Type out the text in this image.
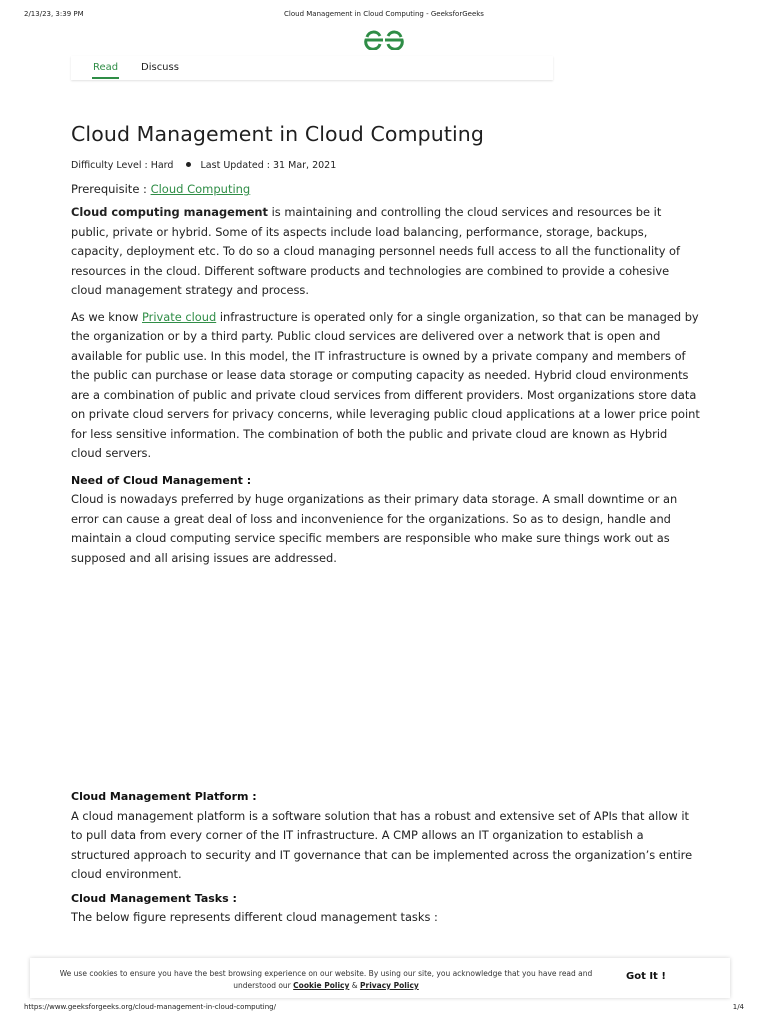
2/13/23, 3:39 PM	Cloud Management in Cloud Computing - GeeksforGeeks
Read Discuss
Cloud Management in Cloud Computing
Difficulty Level : Hard	Last Updated : 31 Mar, 2021
Prerequisite : Cloud Computing

Cloud computing management is maintaining and controlling the cloud services and resources be it public, private or hybrid. Some of its aspects include load balancing, performance, storage, backups, capacity, deployment etc. To do so a cloud managing personnel needs full access to all the functionality of resources in the cloud. Different software products and technologies are combined to provide a cohesive cloud management strategy and process.

As we know Private cloud infrastructure is operated only for a single organization, so that can be managed by the organization or by a third party. Public cloud services are delivered over a network that is open and available for public use. In this model, the IT infrastructure is owned by a private company and members of the public can purchase or lease data storage or computing capacity as needed. Hybrid cloud environments are a combination of public and private cloud services from different providers. Most organizations store data on private cloud servers for privacy concerns, while leveraging public cloud applications at a lower price point for less sensitive information. The combination of both the public and private cloud are known as Hybrid cloud servers.

Need of Cloud Management :

Cloud is nowadays preferred by huge organizations as their primary data storage. A small downtime or an error can cause a great deal of loss and inconvenience for the organizations. So as to design, handle and maintain a cloud computing service specific members are responsible who make sure things work out as supposed and all arising issues are addressed.

Cloud Management Platform :

A cloud management platform is a software solution that has a robust and extensive set of APIs that allow it to pull data from every corner of the IT infrastructure. A CMP allows an IT organization to establish a structured approach to security and IT governance that can be implemented across the organization’s entire cloud environment.

Cloud Management Tasks :

The below figure represents different cloud management tasks :

We use cookies to ensure you have the best browsing experience on our website. By using our site, you acknowledge that you have read and understood our Cookie Policy & Privacy Policy
Got It !
https://www.geeksforgeeks.org/cloud-management-in-cloud-computing/	1/4
